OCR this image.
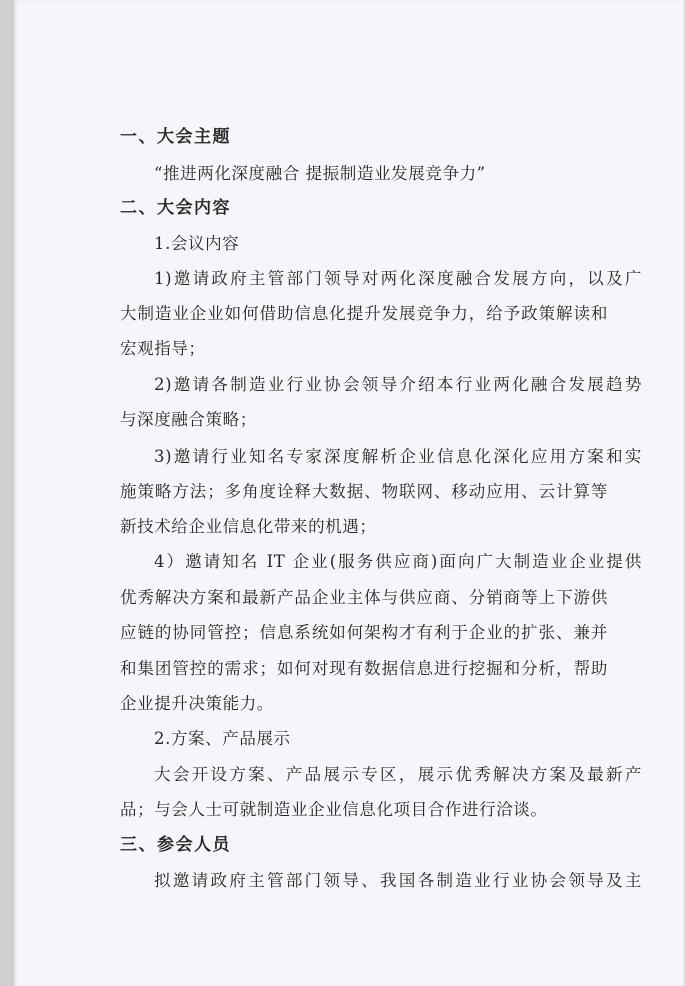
一、大会主题
“推进两化深度融合 提振制造业发展竞争力”
二、大会内容
1.会议内容
1)邀请政府主管部门领导对两化深度融合发展方向，以及广
大制造业企业如何借助信息化提升发展竞争力，给予政策解读和
宏观指导；
2)邀请各制造业行业协会领导介绍本行业两化融合发展趋势
与深度融合策略；
3)邀请行业知名专家深度解析企业信息化深化应用方案和实
施策略方法；多角度诠释大数据、物联网、移动应用、云计算等
新技术给企业信息化带来的机遇；
4）邀请知名 IT 企业(服务供应商)面向广大制造业企业提供
优秀解决方案和最新产品企业主体与供应商、分销商等上下游供
应链的协同管控；信息系统如何架构才有利于企业的扩张、兼并
和集团管控的需求；如何对现有数据信息进行挖掘和分析，帮助
企业提升决策能力。
2.方案、产品展示
大会开设方案、产品展示专区，展示优秀解决方案及最新产
品；与会人士可就制造业企业信息化项目合作进行洽谈。
三、参会人员
拟邀请政府主管部门领导、我国各制造业行业协会领导及主
